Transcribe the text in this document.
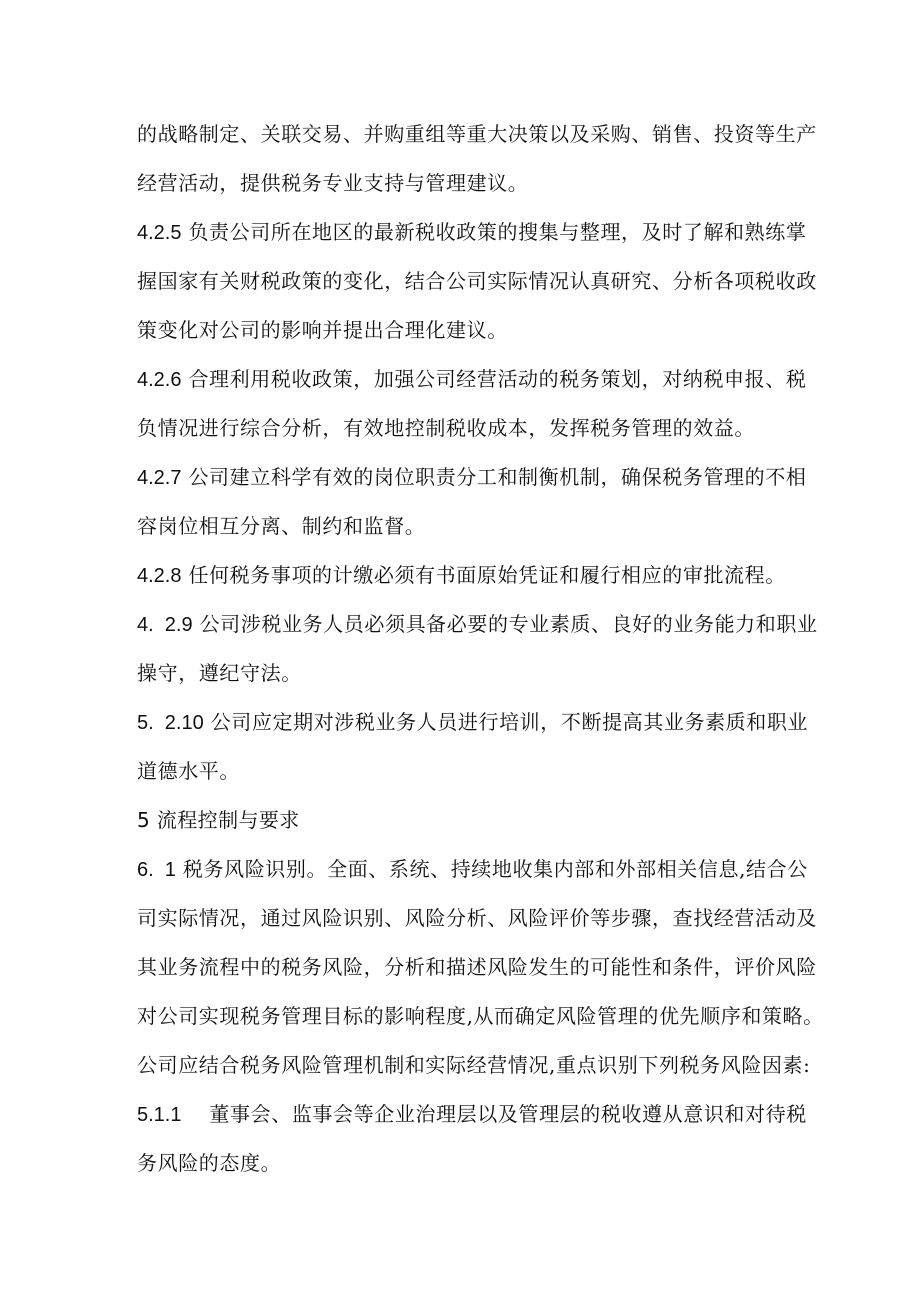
的战略制定、关联交易、并购重组等重大决策以及采购、销售、投资等生产
经营活动，提供税务专业支持与管理建议。
4.2.5 负责公司所在地区的最新税收政策的搜集与整理，及时了解和熟练掌
握国家有关财税政策的变化，结合公司实际情况认真研究、分析各项税收政
策变化对公司的影响并提出合理化建议。
4.2.6 合理利用税收政策，加强公司经营活动的税务策划，对纳税申报、税
负情况进行综合分析，有效地控制税收成本，发挥税务管理的效益。
4.2.7 公司建立科学有效的岗位职责分工和制衡机制，确保税务管理的不相
容岗位相互分离、制约和监督。
4.2.8 任何税务事项的计缴必须有书面原始凭证和履行相应的审批流程。
4.  2.9 公司涉税业务人员必须具备必要的专业素质、良好的业务能力和职业
操守，遵纪守法。
5.  2.10 公司应定期对涉税业务人员进行培训，不断提高其业务素质和职业
道德水平。
5 流程控制与要求
6.  1 税务风险识别。全面、系统、持续地收集内部和外部相关信息,结合公
司实际情况，通过风险识别、风险分析、风险评价等步骤，查找经营活动及
其业务流程中的税务风险，分析和描述风险发生的可能性和条件，评价风险
对公司实现税务管理目标的影响程度,从而确定风险管理的优先顺序和策略。
公司应结合税务风险管理机制和实际经营情况,重点识别下列税务风险因素:
5.1.1 董事会、监事会等企业治理层以及管理层的税收遵从意识和对待税
务风险的态度。
